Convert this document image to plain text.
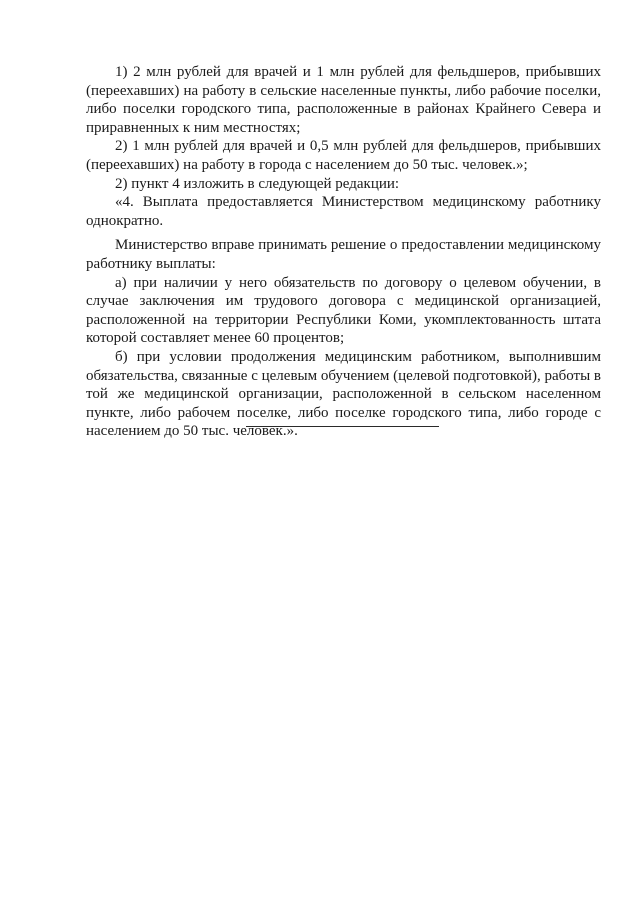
1) 2 млн рублей для врачей и 1 млн рублей для фельдшеров, прибывших (переехавших) на работу в сельские населенные пункты, либо рабочие поселки, либо поселки городского типа, расположенные в районах Крайнего Севера и приравненных к ним местностях;

2) 1 млн рублей для врачей и 0,5 млн рублей для фельдшеров, прибывших (переехавших) на работу в города с населением до 50 тыс. человек.»;

2) пункт 4 изложить в следующей редакции:

«4. Выплата предоставляется Министерством медицинскому работнику однократно.

Министерство вправе принимать решение о предоставлении медицинскому работнику выплаты:

а) при наличии у него обязательств по договору о целевом обучении, в случае заключения им трудового договора с медицинской организацией, расположенной на территории Республики Коми, укомплектованность штата которой составляет менее 60 процентов;

б) при условии продолжения медицинским работником, выполнившим обязательства, связанные с целевым обучением (целевой подготовкой), работы в той же медицинской организации, расположенной в сельском населенном пункте, либо рабочем поселке, либо поселке городского типа, либо городе с населением до 50 тыс. человек.».
